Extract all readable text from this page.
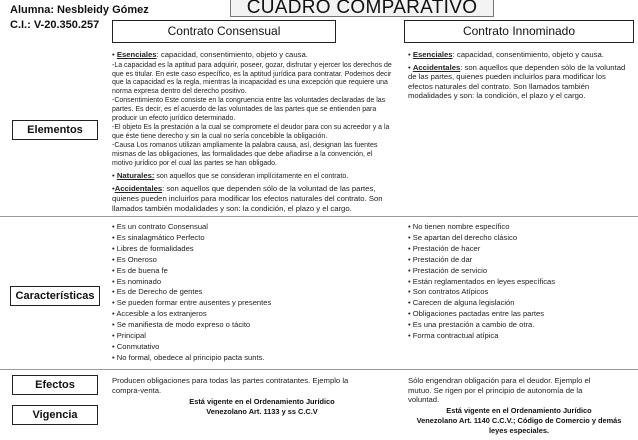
Alumna: Nesbleidy Gómez
C.I.: V-20.350.257
CUADRO COMPARATIVO
Contrato Consensual	Contrato Innominado
Elementos
Características
Efectos
Vigencia
• Esenciales: capacidad, consentimiento, objeto y causa.

-La capacidad es la aptitud para adquirir, poseer, gozar, disfrutar y ejercer los derechos de que es titular. En este caso específico, es la aptitud jurídica para contratar. Podemos decir que la capacidad es la regla, mientras la incapacidad es una excepción que requiere una norma expresa dentro del derecho positivo.

-Consentimiento Este consiste en la congruencia entre las voluntades declaradas de las partes. Es decir, es el acuerdo de las voluntades de las partes que se entienden para producir un efecto jurídico determinado.

-El objeto Es la prestación a la cual se compromete el deudor para con su acreedor y a la que éste tiene derecho y sin la cual no sería concebible la obligación.

-Causa Los romanos utilizan ampliamente la palabra causa, así, designan las fuentes mismas de las obligaciones, las formalidades que debe añadirse a la convención, el motivo jurídico por el cual las partes se han obligado.

• Naturales: son aquellos que se consideran implícitamente en el contrato.
•Accidentales: son aquellos que dependen sólo de la voluntad de las partes, quienes pueden incluirlos para modificar los efectos naturales del contrato. Son llamados también modalidades y son: la condición, el plazo y el cargo.
• Esenciales: capacidad, consentimiento, objeto y causa.
• Accidentales: son aquellos que dependen sólo de la voluntad de las partes, quienes pueden incluirlos para modificar los efectos naturales del contrato. Son llamados también modalidades y son: la condición, el plazo y el cargo.
• Es un contrato Consensual
• Es sinalagmático Perfecto
• Libres de formalidades
• Es Oneroso
• Es de buena fe
• Es nominado
• Es de Derecho de gentes
• Se pueden formar entre ausentes y presentes
• Accesible a los extranjeros
• Se manifiesta de modo expreso o tácito
• Principal
• Conmutativo
• No formal, obedece al principio pacta sunts.
• No tienen nombre específico
• Se apartan del derecho clásico
• Prestación de hacer
• Prestación de dar
• Prestación de servicio
• Están reglamentados en leyes específicas
• Son contratos Atípicos
• Carecen de alguna legislación
• Obligaciones pactadas entre las partes
• Es una prestación a cambio de otra.
• Forma contractual atípica
Producen obligaciones para todas las partes contratantes. Ejemplo la compra-venta.
Sólo engendran obligación para el deudor. Ejemplo el mutuo. Se rigen por el principio de autonomía de la voluntad.
Está vigente en el Ordenamiento Jurídico
Venezolano Art. 1133 y ss C.C.V	Está vigente en el Ordenamiento Jurídico
Venezolano Art. 1140 C.C.V.; Código de Comercio y demás leyes especiales.
